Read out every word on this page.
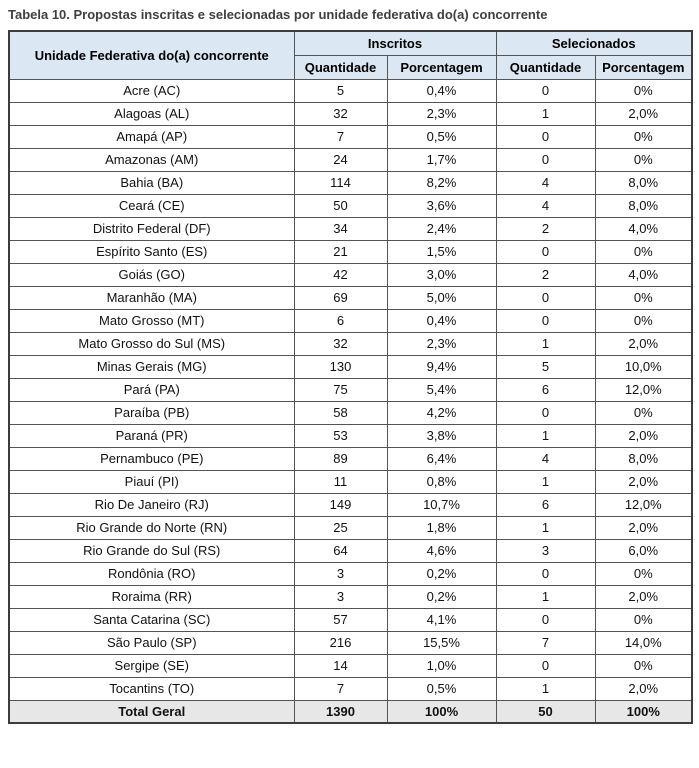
Tabela 10. Propostas inscritas e selecionadas por unidade federativa do(a) concorrente
Unidade Federativa do(a) concorrente	Inscritos		Selecionados	
	Quantidade	Porcentagem	Quantidade	Porcentagem
Acre (AC)	5	0,4%	0	0%
Alagoas (AL)	32	2,3%	1	2,0%
Amapá (AP)	7	0,5%	0	0%
Amazonas (AM)	24	1,7%	0	0%
Bahia (BA)	114	8,2%	4	8,0%
Ceará (CE)	50	3,6%	4	8,0%
Distrito Federal (DF)	34	2,4%	2	4,0%
Espírito Santo (ES)	21	1,5%	0	0%
Goiás (GO)	42	3,0%	2	4,0%
Maranhão (MA)	69	5,0%	0	0%
Mato Grosso (MT)	6	0,4%	0	0%
Mato Grosso do Sul (MS)	32	2,3%	1	2,0%
Minas Gerais (MG)	130	9,4%	5	10,0%
Pará (PA)	75	5,4%	6	12,0%
Paraíba (PB)	58	4,2%	0	0%
Paraná (PR)	53	3,8%	1	2,0%
Pernambuco (PE)	89	6,4%	4	8,0%
Piauí (PI)	11	0,8%	1	2,0%
Rio De Janeiro (RJ)	149	10,7%	6	12,0%
Rio Grande do Norte (RN)	25	1,8%	1	2,0%
Rio Grande do Sul (RS)	64	4,6%	3	6,0%
Rondônia (RO)	3	0,2%	0	0%
Roraima (RR)	3	0,2%	1	2,0%
Santa Catarina (SC)	57	4,1%	0	0%
São Paulo (SP)	216	15,5%	7	14,0%
Sergipe (SE)	14	1,0%	0	0%
Tocantins (TO)	7	0,5%	1	2,0%
Total Geral	1390	100%	50	100%
